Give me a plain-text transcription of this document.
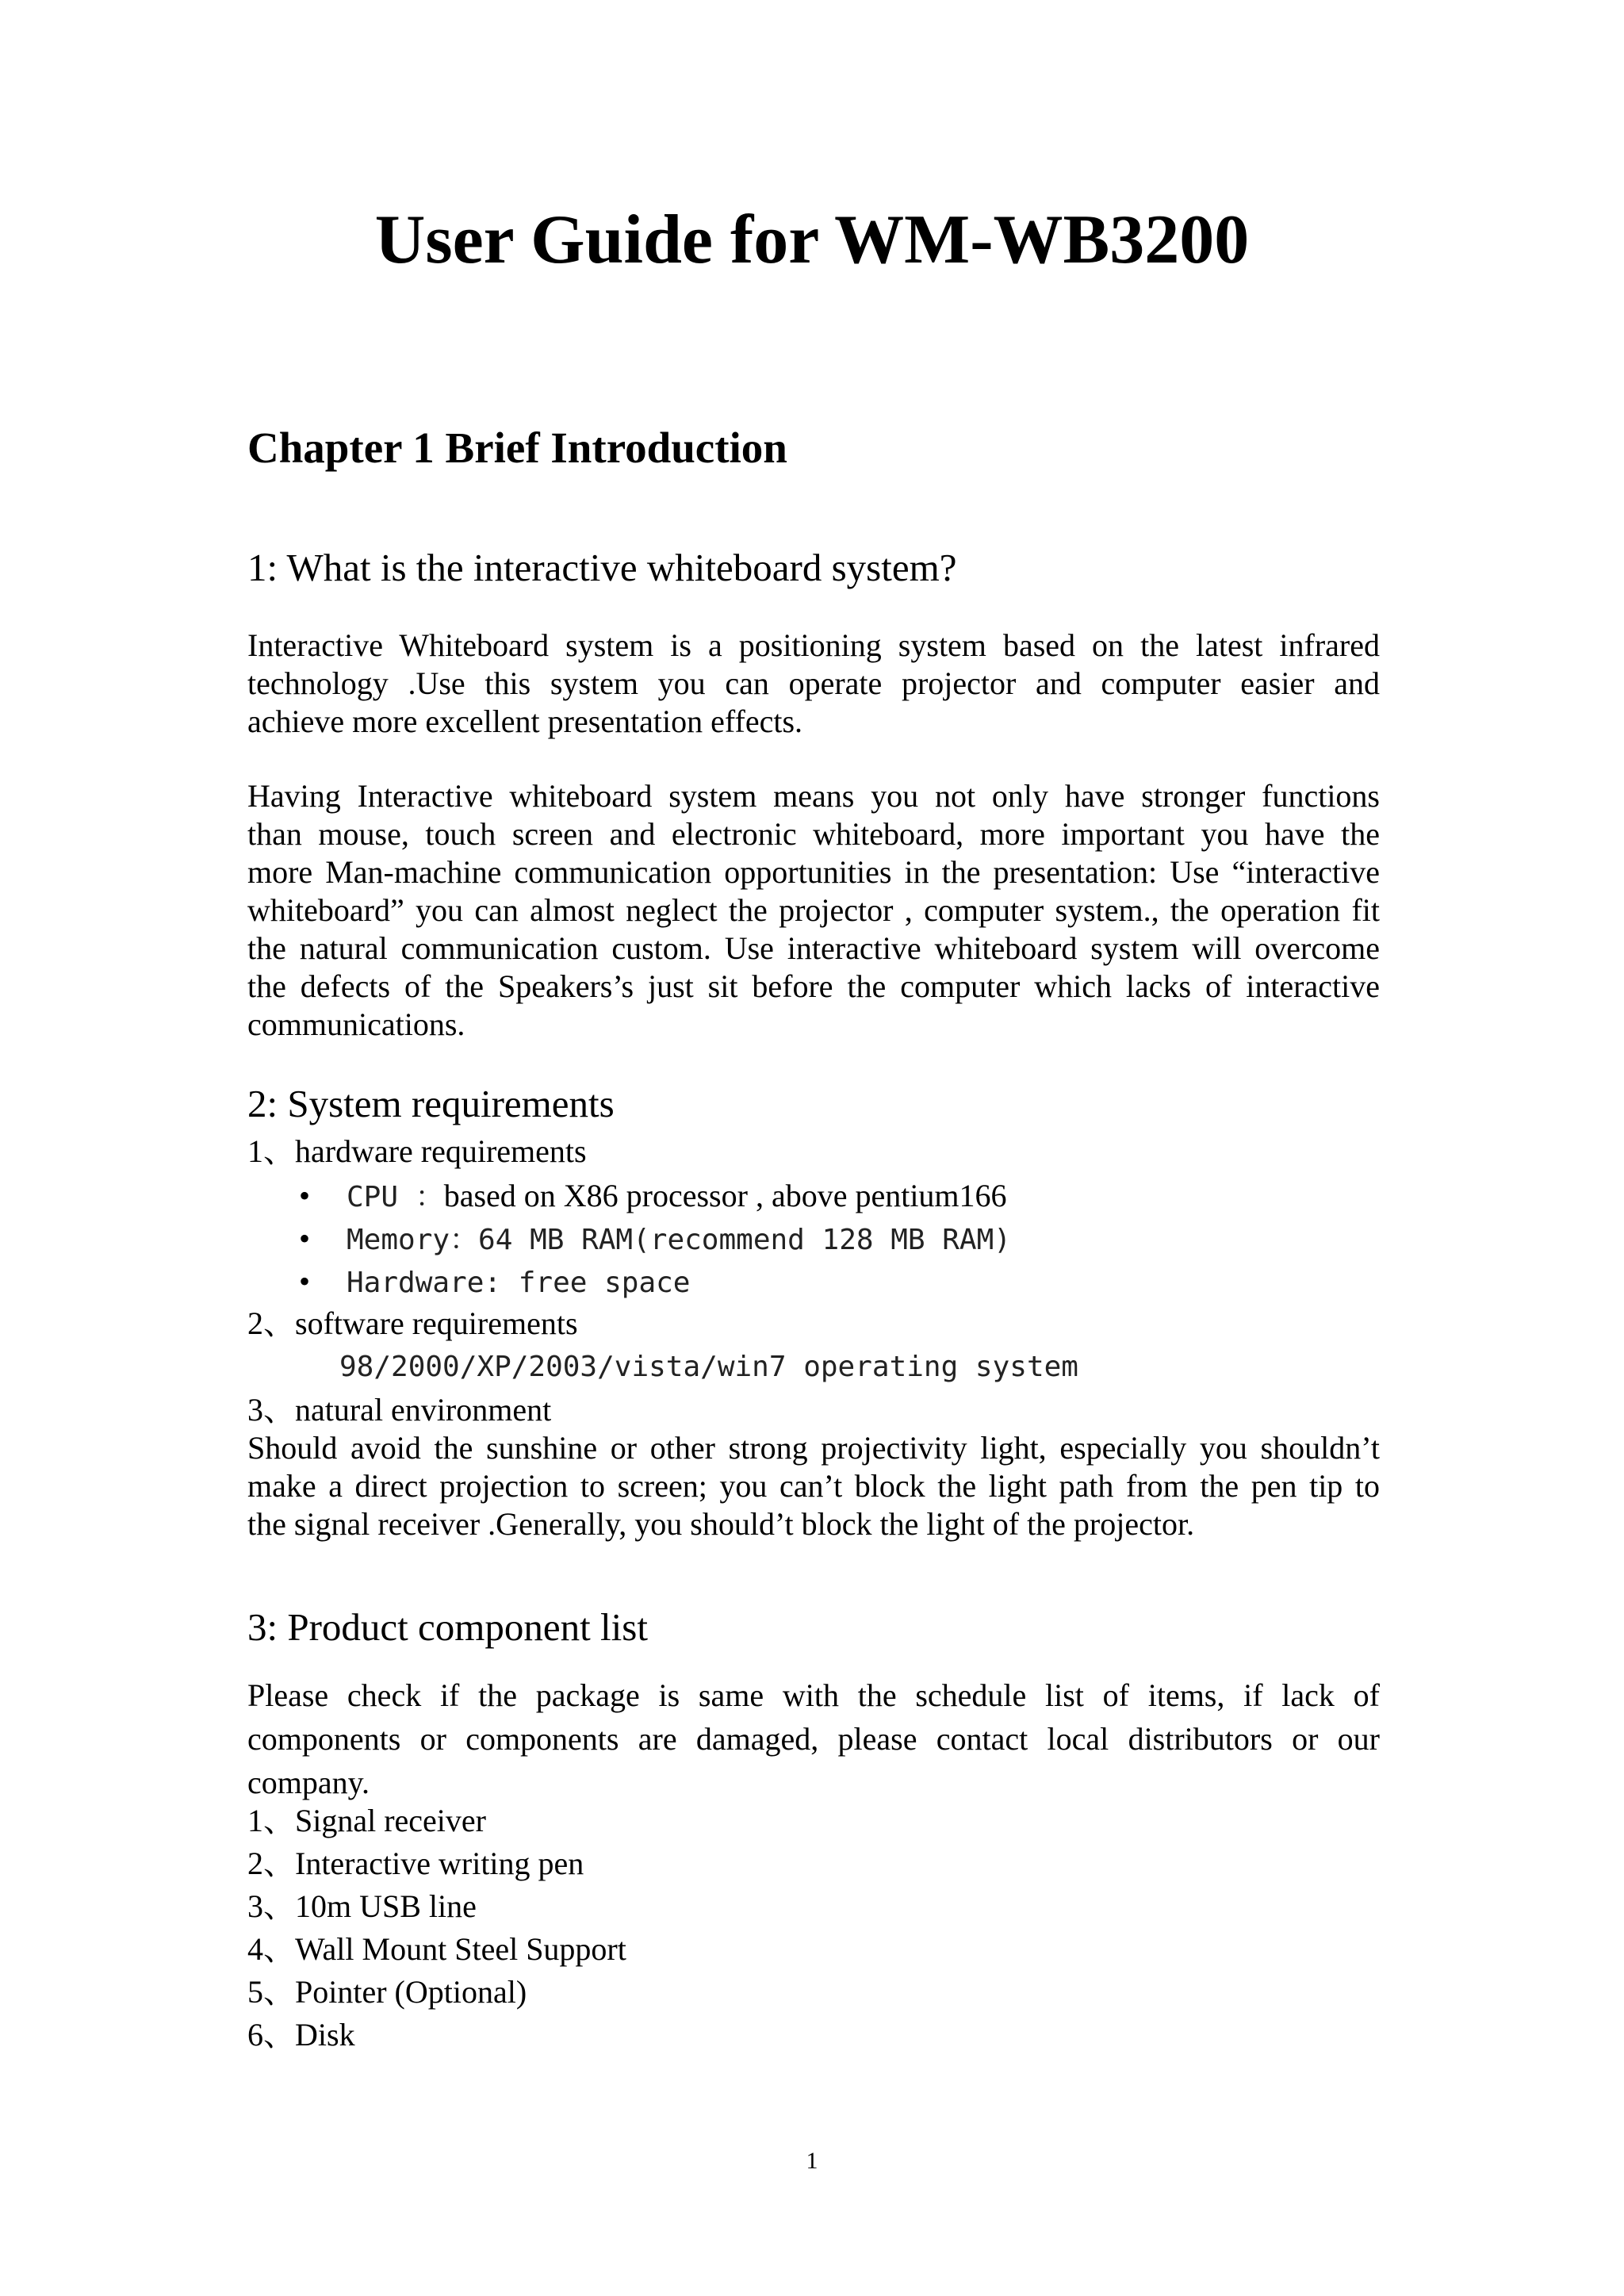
User Guide for WM-WB3200
Chapter 1 Brief Introduction
1: What is the interactive whiteboard system?
Interactive Whiteboard system is a positioning system based on the latest infrared
technology .Use this system you can operate projector and computer easier and
achieve more excellent presentation effects.
Having Interactive whiteboard system means you not only have stronger functions
than mouse, touch screen and electronic whiteboard, more important you have the
more Man-machine communication opportunities in the presentation: Use “interactive
whiteboard” you can almost neglect the projector , computer system., the operation fit
the natural communication custom. Use interactive whiteboard system will overcome
the defects of the Speakers’s just sit before the computer which lacks of interactive
communications.
2: System requirements
1、hardware requirements
• CPU ：based on X86 processor , above pentium166
• Memory：64 MB RAM(recommend 128 MB RAM)
• Hardware: free space
2、software requirements
98/2000/XP/2003/vista/win7 operating system
3、natural environment
Should avoid the sunshine or other strong projectivity light, especially you shouldn’t
make a direct projection to screen; you can’t block the light path from the pen tip to
the signal receiver .Generally, you should’t block the light of the projector.
3: Product component list
Please check if the package is same with the schedule list of items, if lack of
components or components are damaged, please contact local distributors or our
company.
1、Signal receiver
2、Interactive writing pen
3、10m USB line
4、Wall Mount Steel Support
5、Pointer (Optional)
6、Disk
1
